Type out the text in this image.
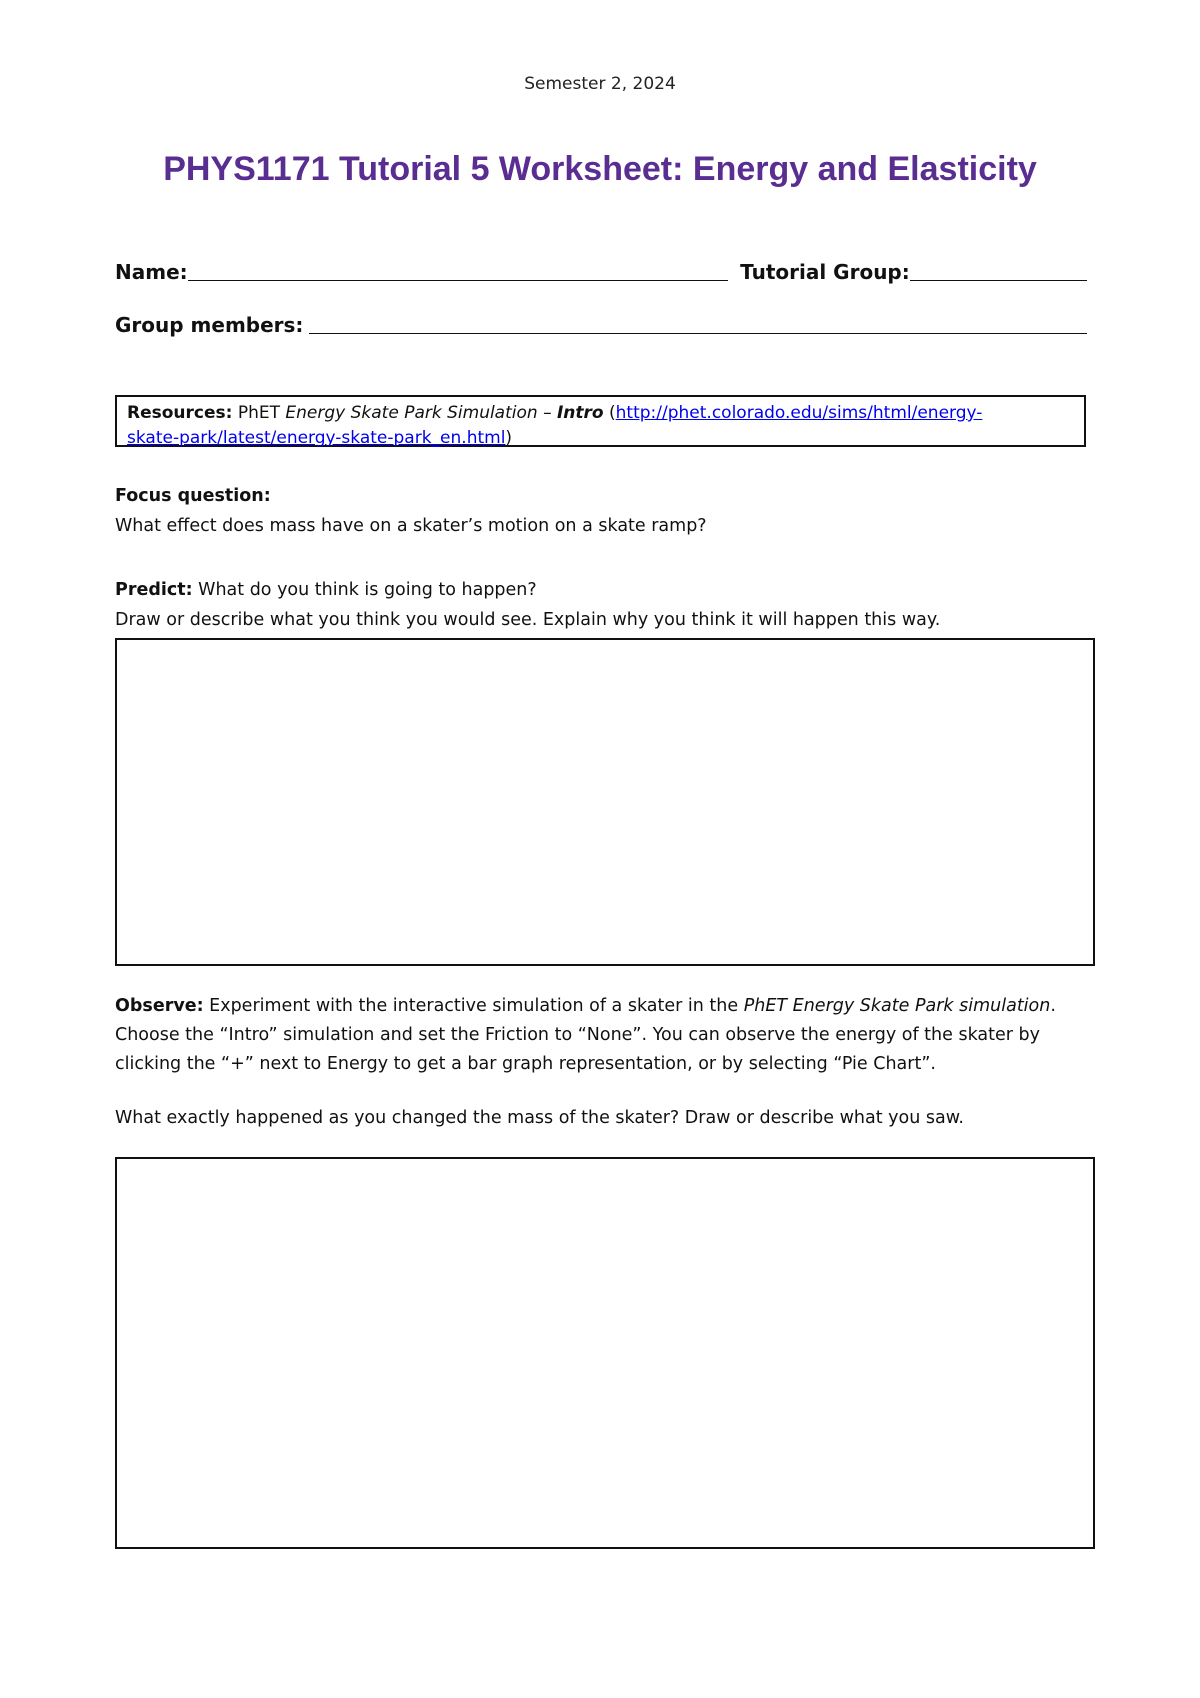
Semester 2, 2024
PHYS1171 Tutorial 5 Worksheet: Energy and Elasticity
Name:	Tutorial Group:
Group members:
Resources: PhET Energy Skate Park Simulation – Intro (http://phet.colorado.edu/sims/html/energy-
skate-park/latest/energy-skate-park_en.html)
Focus question:
What effect does mass have on a skater’s motion on a skate ramp?
Predict: What do you think is going to happen?
Draw or describe what you think you would see. Explain why you think it will happen this way.
Observe: Experiment with the interactive simulation of a skater in the PhET Energy Skate Park simulation.
Choose the “Intro” simulation and set the Friction to “None”. You can observe the energy of the skater by
clicking the “+” next to Energy to get a bar graph representation, or by selecting “Pie Chart”.
What exactly happened as you changed the mass of the skater? Draw or describe what you saw.
